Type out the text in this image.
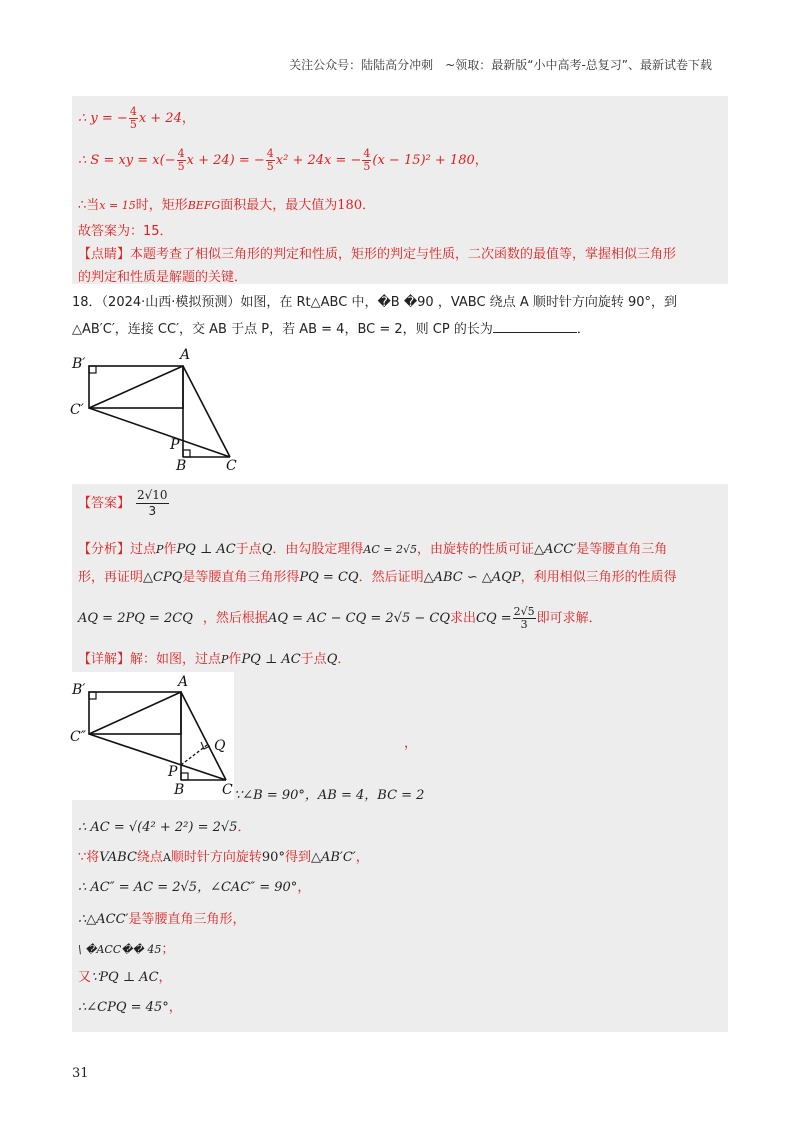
关注公众号：陆陆高分冲刺　~领取：最新版“小中高考-总复习”、最新试卷下载
∴ y = − $\frac{4}{5}$ x + 24，
∴ S = xy = $x(- \frac{4}{5}$ x + 24) = − $\frac{4}{5} x^2 + 24x$ = − $\frac{4}{5} (x - 15)^2 + 180$，
∴当x = 15时，矩形BEFG面积最大，最大值为180．
故答案为：15．
【点睛】本题考查了相似三角形的判定和性质，矩形的判定与性质，二次函数的最值等，掌握相似三角形
的判定和性质是解题的关键．
18．（2024·山西·模拟预测）如图，在 Rt△ABC 中，�B �90 ，VABC 绕点 A 顺时针方向旋转 90°，到
△AB′C′，连接 CC′，交 AB 于点 P，若 AB = 4，BC = 2，则 CP 的长为	．
B′
A
C′
P
B	C
【答案】 $\frac{2√10}{3}$
【分析】过点P作PQ ⊥ AC于点Q．由勾股定理得AC = 2√5，由旋转的性质可证△ACC′是等腰直角三角
形，再证明△CPQ是等腰直角三角形得PQ = CQ．然后证明△ABC ∽ △AQP，利用相似三角形的性质得
AQ = 2PQ = 2CQ ，然后根据AQ = AC − CQ = 2√5 − CQ求出CQ = $\frac{2√5}{3}$ 即可求解．
【详解】解：如图，过点P作PQ ⊥ AC于点Q．
B′	A
C″
Q
P
B	C
，
∵∠B = 90°，AB = 4，BC = 2
∴ AC = √(4² + 2²) = 2√5．
∵将VABC绕点A顺时针方向旋转90°得到△AB′C′，
∴ AC″ = AC = 2√5，∠CAC″ = 90°，
∴△ACC′是等腰直角三角形，
\ �ACC�� 45；
又∵PQ ⊥ AC，
∴∠CPQ = 45°，
31
